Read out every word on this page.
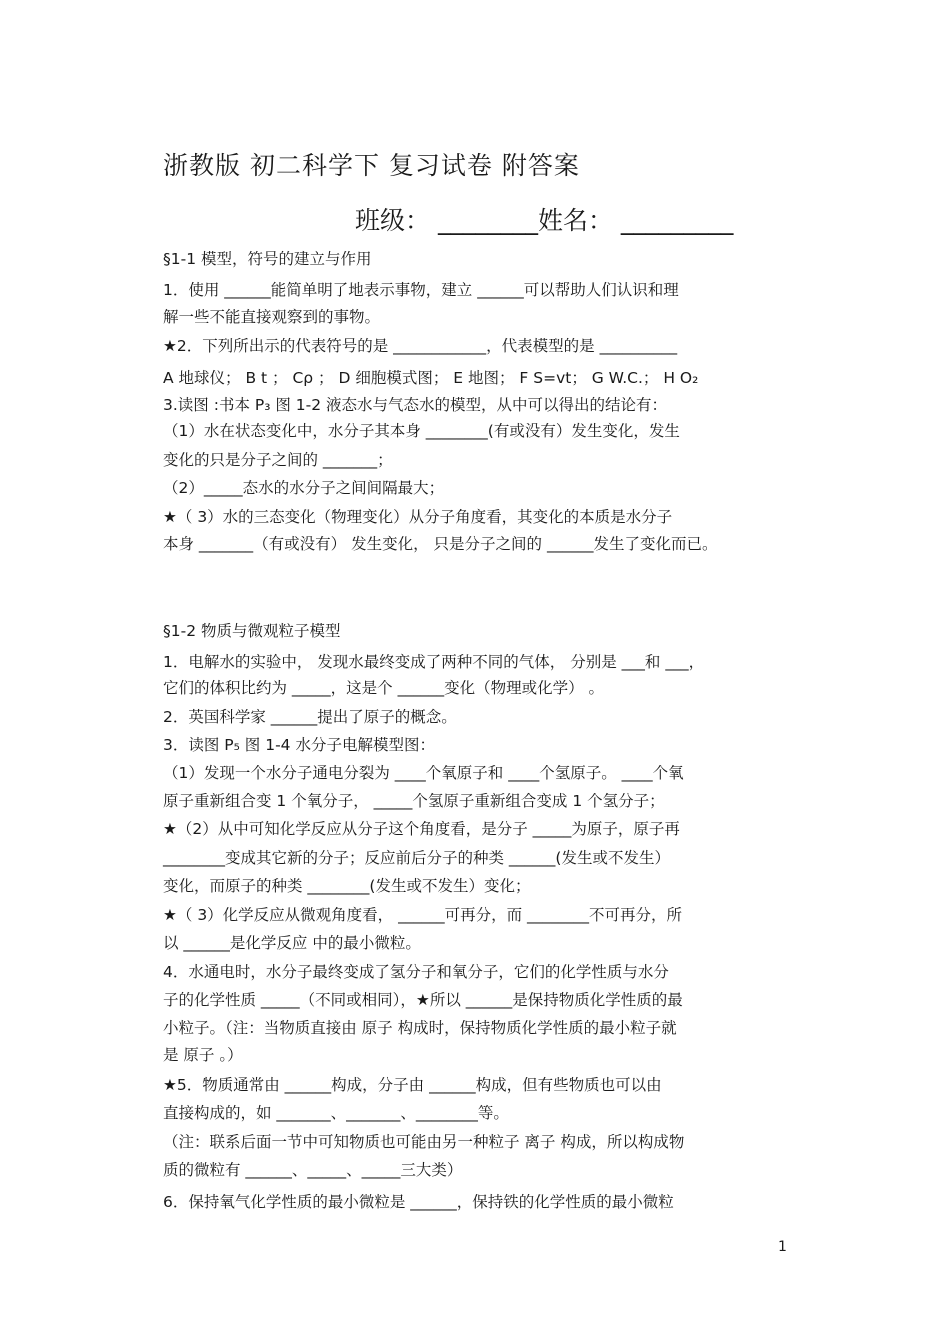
浙教版 初二科学下 复习试卷 附答案
班级： ________姓名： _________
§1-1 模型，符号的建立与作用
1．使用 ______能简单明了地表示事物，建立 ______可以帮助人们认识和理
解一些不能直接观察到的事物。
★2．下列所出示的代表符号的是 ____________，代表模型的是 __________
A 地球仪； B t ； Cρ ； D 细胞模式图； E 地图； F S=vt； G W.C.； H O₂
3.读图 :书本 P₃ 图 1-2 液态水与气态水的模型，从中可以得出的结论有：
（1）水在状态变化中，水分子其本身 ________(有或没有）发生变化，发生
变化的只是分子之间的 _______；
（2）_____态水的水分子之间间隔最大；
★（ 3）水的三态变化（物理变化）从分子角度看，其变化的本质是水分子
本身 _______（有或没有） 发生变化， 只是分子之间的 ______发生了变化而已。
§1-2 物质与微观粒子模型
1．电解水的实验中， 发现水最终变成了两种不同的气体， 分别是 ___和 ___，
它们的体积比约为 _____，这是个 ______变化（物理或化学） 。
2．英国科学家 ______提出了原子的概念。
3．读图 P₅ 图 1-4 水分子电解模型图：
（1）发现一个水分子通电分裂为 ____个氧原子和 ____个氢原子。 ____个氧
原子重新组合变 1 个氧分子， _____个氢原子重新组合变成 1 个氢分子；
★（2）从中可知化学反应从分子这个角度看，是分子 _____为原子，原子再
________变成其它新的分子；反应前后分子的种类 ______(发生或不发生）
变化，而原子的种类 ________(发生或不发生）变化；
★（ 3）化学反应从微观角度看， ______可再分，而 ________不可再分，所
以 ______是化学反应 中的最小微粒。
4．水通电时，水分子最终变成了氢分子和氧分子，它们的化学性质与水分
子的化学性质 _____（不同或相同），★所以 ______是保持物质化学性质的最
小粒子。（注：当物质直接由 原子 构成时，保持物质化学性质的最小粒子就
是 原子 。）
★5．物质通常由 ______构成，分子由 ______构成，但有些物质也可以由
直接构成的，如 _______、_______、________等。
（注：联系后面一节中可知物质也可能由另一种粒子 离子 构成，所以构成物
质的微粒有 ______、_____、_____三大类）
6．保持氧气化学性质的最小微粒是 ______，保持铁的化学性质的最小微粒
1
